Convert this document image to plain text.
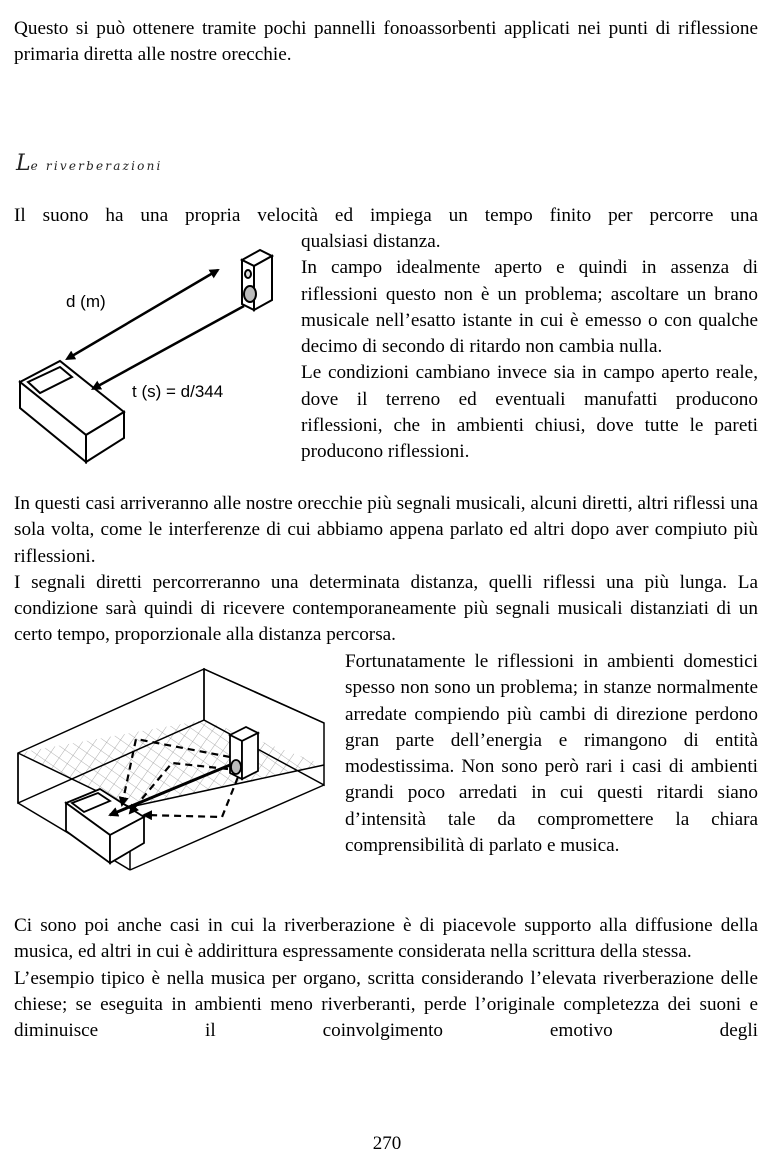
Questo si può ottenere tramite pochi pannelli fonoassorbenti applicati nei punti di riflessione primaria diretta alle nostre orecchie.

Le riverberazioni

Il suono ha una propria velocità ed impiega un tempo finito per percorre una

qualsiasi distanza.

In campo idealmente aperto e quindi in assenza di riflessioni questo non è un problema; ascoltare un brano musicale nell’esatto istante in cui è emesso o con qualche decimo di secondo di ritardo non cambia nulla.

Le condizioni cambiano invece sia in campo aperto reale, dove il terreno ed eventuali manufatti producono riflessioni, che in ambienti chiusi, dove tutte le pareti producono riflessioni.

d (m)
t (s) = d/344

In questi casi arriveranno alle nostre orecchie più segnali musicali, alcuni diretti, altri riflessi una sola volta, come le interferenze di cui abbiamo appena parlato ed altri dopo aver compiuto più riflessioni.

I segnali diretti percorreranno una determinata distanza, quelli riflessi una più lunga. La condizione sarà quindi di ricevere contemporaneamente più segnali musicali distanziati di un certo tempo, proporzionale alla distanza percorsa.

Fortunatamente le riflessioni in ambienti domestici spesso non sono un problema; in stanze normalmente arredate compiendo più cambi di direzione perdono gran parte dell’energia e rimangono di entità modestissima. Non sono però rari i casi di ambienti grandi poco arredati in cui questi ritardi siano d’intensità tale da compromettere la chiara comprensibilità di parlato e musica.

Ci sono poi anche casi in cui la riverberazione è di piacevole supporto alla diffusione della musica, ed altri in cui è addirittura espressamente considerata nella scrittura della stessa.

L’esempio tipico è nella musica per organo, scritta considerando l’elevata riverberazione delle chiese; se eseguita in ambienti meno riverberanti, perde l’originale completezza dei suoni e diminuisce il coinvolgimento emotivo degli

270
